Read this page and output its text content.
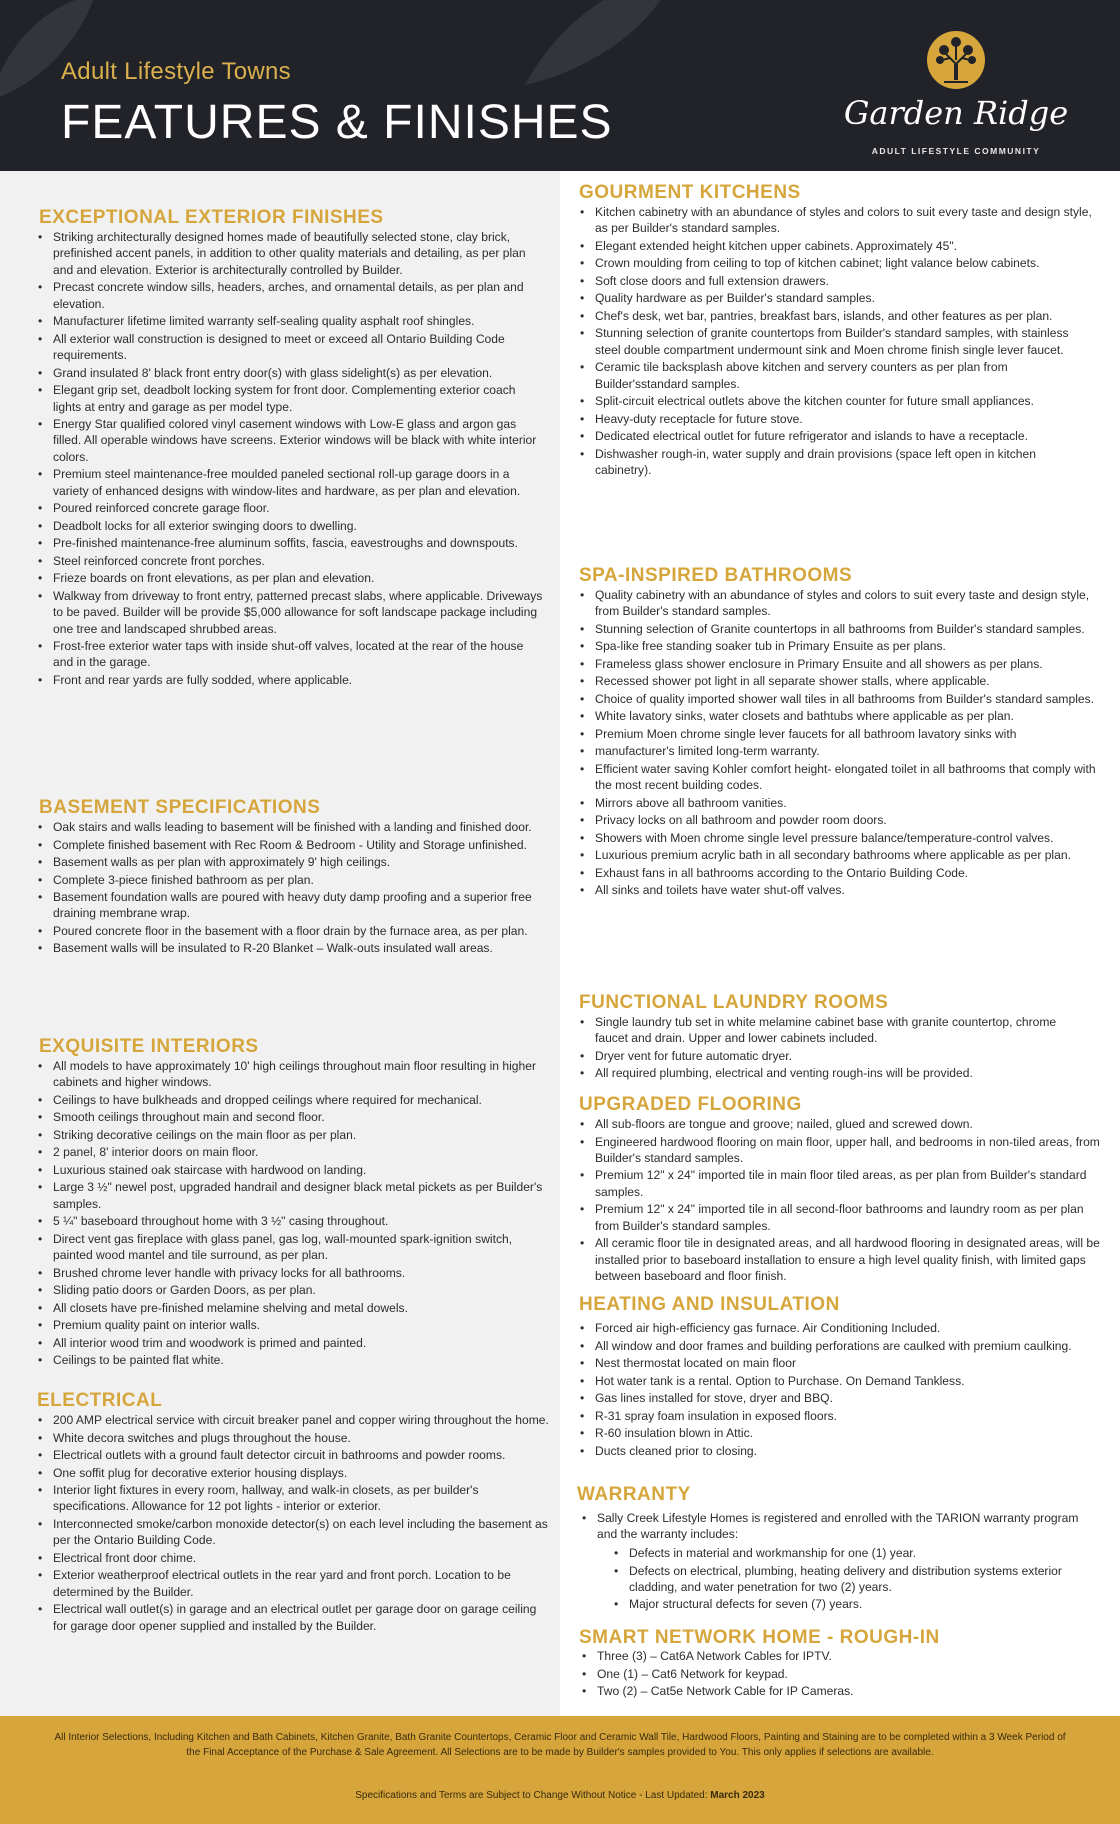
Adult Lifestyle Towns
FEATURES & FINISHES	Garden Ridge
ADULT LIFESTYLE COMMUNITY
EXCEPTIONAL EXTERIOR FINISHES
• Striking architecturally designed homes made of beautifully selected stone, clay brick, prefinished accent panels, in addition to other quality materials and detailing, as per plan and and elevation. Exterior is architecturally controlled by Builder.
• Precast concrete window sills, headers, arches, and ornamental details, as per plan and elevation.
• Manufacturer lifetime limited warranty self-sealing quality asphalt roof shingles.
• All exterior wall construction is designed to meet or exceed all Ontario Building Code requirements.
• Grand insulated 8' black front entry door(s) with glass sidelight(s) as per elevation.
• Elegant grip set, deadbolt locking system for front door. Complementing exterior coach lights at entry and garage as per model type.
• Energy Star qualified colored vinyl casement windows with Low-E glass and argon gas filled. All operable windows have screens. Exterior windows will be black with white interior colors.
• Premium steel maintenance-free moulded paneled sectional roll-up garage doors in a variety of enhanced designs with window-lites and hardware, as per plan and elevation.
• Poured reinforced concrete garage floor.
• Deadbolt locks for all exterior swinging doors to dwelling.
• Pre-finished maintenance-free aluminum soffits, fascia, eavestroughs and downspouts.
• Steel reinforced concrete front porches.
• Frieze boards on front elevations, as per plan and elevation.
• Walkway from driveway to front entry, patterned precast slabs, where applicable. Driveways to be paved. Builder will be provide $5,000 allowance for soft landscape package including one tree and landscaped shrubbed areas.
• Frost-free exterior water taps with inside shut-off valves, located at the rear of the house and in the garage.
• Front and rear yards are fully sodded, where applicable.
BASEMENT SPECIFICATIONS
• Oak stairs and walls leading to basement will be finished with a landing and finished door.
• Complete finished basement with Rec Room & Bedroom - Utility and Storage unfinished.
• Basement walls as per plan with approximately 9' high ceilings.
• Complete 3-piece finished bathroom as per plan.
• Basement foundation walls are poured with heavy duty damp proofing and a superior free draining membrane wrap.
• Poured concrete floor in the basement with a floor drain by the furnace area, as per plan.
• Basement walls will be insulated to R-20 Blanket – Walk-outs insulated wall areas.
EXQUISITE INTERIORS
• All models to have approximately 10' high ceilings throughout main floor resulting in higher cabinets and higher windows.
• Ceilings to have bulkheads and dropped ceilings where required for mechanical.
• Smooth ceilings throughout main and second floor.
• Striking decorative ceilings on the main floor as per plan.
• 2 panel, 8' interior doors on main floor.
• Luxurious stained oak staircase with hardwood on landing.
• Large 3 ½" newel post, upgraded handrail and designer black metal pickets as per Builder's samples.
• 5 ¼" baseboard throughout home with 3 ½" casing throughout.
• Direct vent gas fireplace with glass panel, gas log, wall-mounted spark-ignition switch, painted wood mantel and tile surround, as per plan.
• Brushed chrome lever handle with privacy locks for all bathrooms.
• Sliding patio doors or Garden Doors, as per plan.
• All closets have pre-finished melamine shelving and metal dowels.
• Premium quality paint on interior walls.
• All interior wood trim and woodwork is primed and painted.
• Ceilings to be painted flat white.
ELECTRICAL
• 200 AMP electrical service with circuit breaker panel and copper wiring throughout the home.
• White decora switches and plugs throughout the house.
• Electrical outlets with a ground fault detector circuit in bathrooms and powder rooms.
• One soffit plug for decorative exterior housing displays.
• Interior light fixtures in every room, hallway, and walk-in closets, as per builder's specifications. Allowance for 12 pot lights - interior or exterior.
• Interconnected smoke/carbon monoxide detector(s) on each level including the basement as per the Ontario Building Code.
• Electrical front door chime.
• Exterior weatherproof electrical outlets in the rear yard and front porch. Location to be determined by the Builder.
• Electrical wall outlet(s) in garage and an electrical outlet per garage door on garage ceiling for garage door opener supplied and installed by the Builder.
GOURMENT KITCHENS
• Kitchen cabinetry with an abundance of styles and colors to suit every taste and design style, as per Builder's standard samples.
• Elegant extended height kitchen upper cabinets. Approximately 45".
• Crown moulding from ceiling to top of kitchen cabinet; light valance below cabinets.
• Soft close doors and full extension drawers.
• Quality hardware as per Builder's standard samples.
• Chef's desk, wet bar, pantries, breakfast bars, islands, and other features as per plan.
• Stunning selection of granite countertops from Builder's standard samples, with stainless steel double compartment undermount sink and Moen chrome finish single lever faucet.
• Ceramic tile backsplash above kitchen and servery counters as per plan from Builder'sstandard samples.
• Split-circuit electrical outlets above the kitchen counter for future small appliances.
• Heavy-duty receptacle for future stove.
• Dedicated electrical outlet for future refrigerator and islands to have a receptacle.
• Dishwasher rough-in, water supply and drain provisions (space left open in kitchen cabinetry).
SPA-INSPIRED BATHROOMS
• Quality cabinetry with an abundance of styles and colors to suit every taste and design style, from Builder's standard samples.
• Stunning selection of Granite countertops in all bathrooms from Builder's standard samples.
• Spa-like free standing soaker tub in Primary Ensuite as per plans.
• Frameless glass shower enclosure in Primary Ensuite and all showers as per plans.
• Recessed shower pot light in all separate shower stalls, where applicable.
• Choice of quality imported shower wall tiles in all bathrooms from Builder's standard samples.
• White lavatory sinks, water closets and bathtubs where applicable as per plan.
• Premium Moen chrome single lever faucets for all bathroom lavatory sinks with
• manufacturer's limited long-term warranty.
• Efficient water saving Kohler comfort height- elongated toilet in all bathrooms that comply with the most recent building codes.
• Mirrors above all bathroom vanities.
• Privacy locks on all bathroom and powder room doors.
• Showers with Moen chrome single level pressure balance/temperature-control valves.
• Luxurious premium acrylic bath in all secondary bathrooms where applicable as per plan.
• Exhaust fans in all bathrooms according to the Ontario Building Code.
• All sinks and toilets have water shut-off valves.
FUNCTIONAL LAUNDRY ROOMS
• Single laundry tub set in white melamine cabinet base with granite countertop, chrome faucet and drain. Upper and lower cabinets included.
• Dryer vent for future automatic dryer.
• All required plumbing, electrical and venting rough-ins will be provided.
UPGRADED FLOORING
• All sub-floors are tongue and groove; nailed, glued and screwed down.
• Engineered hardwood flooring on main floor, upper hall, and bedrooms in non-tiled areas, from Builder's standard samples.
• Premium 12" x 24" imported tile in main floor tiled areas, as per plan from Builder's standard samples.
• Premium 12" x 24" imported tile in all second-floor bathrooms and laundry room as per plan from Builder's standard samples.
• All ceramic floor tile in designated areas, and all hardwood flooring in designated areas, will be installed prior to baseboard installation to ensure a high level quality finish, with limited gaps between baseboard and floor finish.
HEATING AND INSULATION
• Forced air high-efficiency gas furnace. Air Conditioning Included.
• All window and door frames and building perforations are caulked with premium caulking.
• Nest thermostat located on main floor
• Hot water tank is a rental. Option to Purchase. On Demand Tankless.
• Gas lines installed for stove, dryer and BBQ.
• R-31 spray foam insulation in exposed floors.
• R-60 insulation blown in Attic.
• Ducts cleaned prior to closing.
WARRANTY
• Sally Creek Lifestyle Homes is registered and enrolled with the TARION warranty program and the warranty includes:
• Defects in material and workmanship for one (1) year.
• Defects on electrical, plumbing, heating delivery and distribution systems exterior cladding, and water penetration for two (2) years.
• Major structural defects for seven (7) years.
SMART NETWORK HOME - ROUGH-IN
• Three (3) – Cat6A Network Cables for IPTV.
• One (1) – Cat6 Network for keypad.
• Two (2) – Cat5e Network Cable for IP Cameras.
All Interior Selections, Including Kitchen and Bath Cabinets, Kitchen Granite, Bath Granite Countertops, Ceramic Floor and Ceramic Wall Tile, Hardwood Floors, Painting and Staining are to be completed within a 3 Week Period of the Final Acceptance of the Purchase & Sale Agreement. All Selections are to be made by Builder's samples provided to You. This only applies if selections are available.
Specifications and Terms are Subject to Change Without Notice - Last Updated: March 2023
